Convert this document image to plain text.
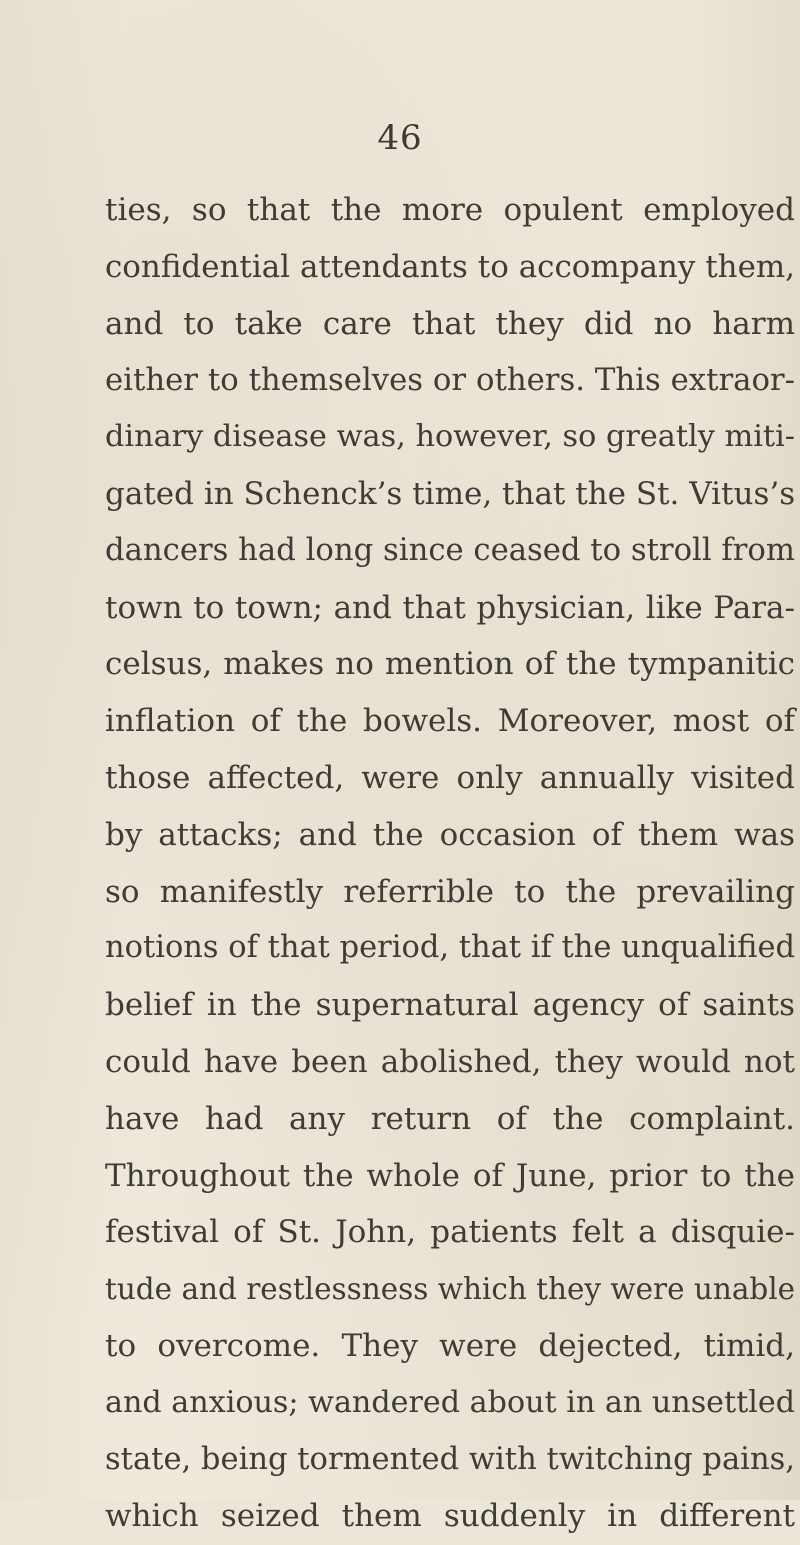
46
ties, so that the more opulent employed
confidential attendants to accompany them,
and to take care that they did no harm
either to themselves or others. This extraor-
dinary disease was, however, so greatly miti-
gated in Schenck’s time, that the St. Vitus’s
dancers had long since ceased to stroll from
town to town; and that physician, like Para-
celsus, makes no mention of the tympanitic
inflation of the bowels. Moreover, most of
those affected, were only annually visited
by attacks; and the occasion of them was
so manifestly referrible to the prevailing
notions of that period, that if the unqualified
belief in the supernatural agency of saints
could have been abolished, they would not
have had any return of the complaint.
Throughout the whole of June, prior to the
festival of St. John, patients felt a disquie-
tude and restlessness which they were unable
to overcome. They were dejected, timid,
and anxious; wandered about in an unsettled
state, being tormented with twitching pains,
which seized them suddenly in different
